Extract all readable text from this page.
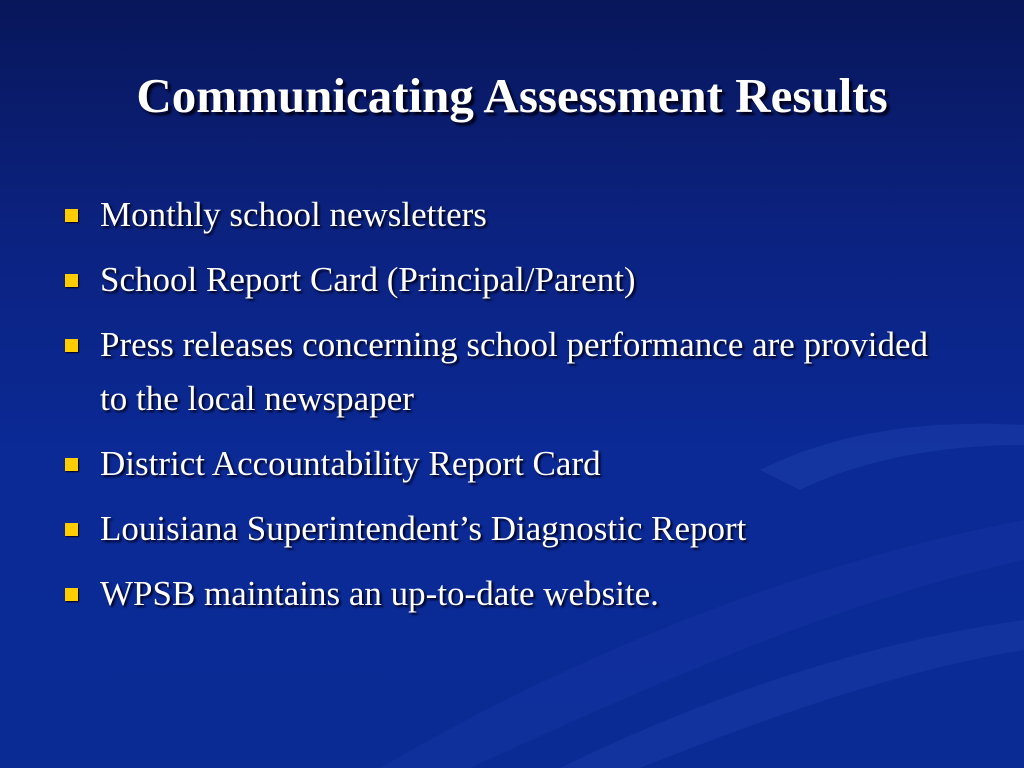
Communicating Assessment Results
Monthly school newsletters
School Report Card (Principal/Parent)
Press releases concerning school performance are provided to the local newspaper
District Accountability Report Card
Louisiana Superintendent’s Diagnostic Report
WPSB maintains an up-to-date website.
